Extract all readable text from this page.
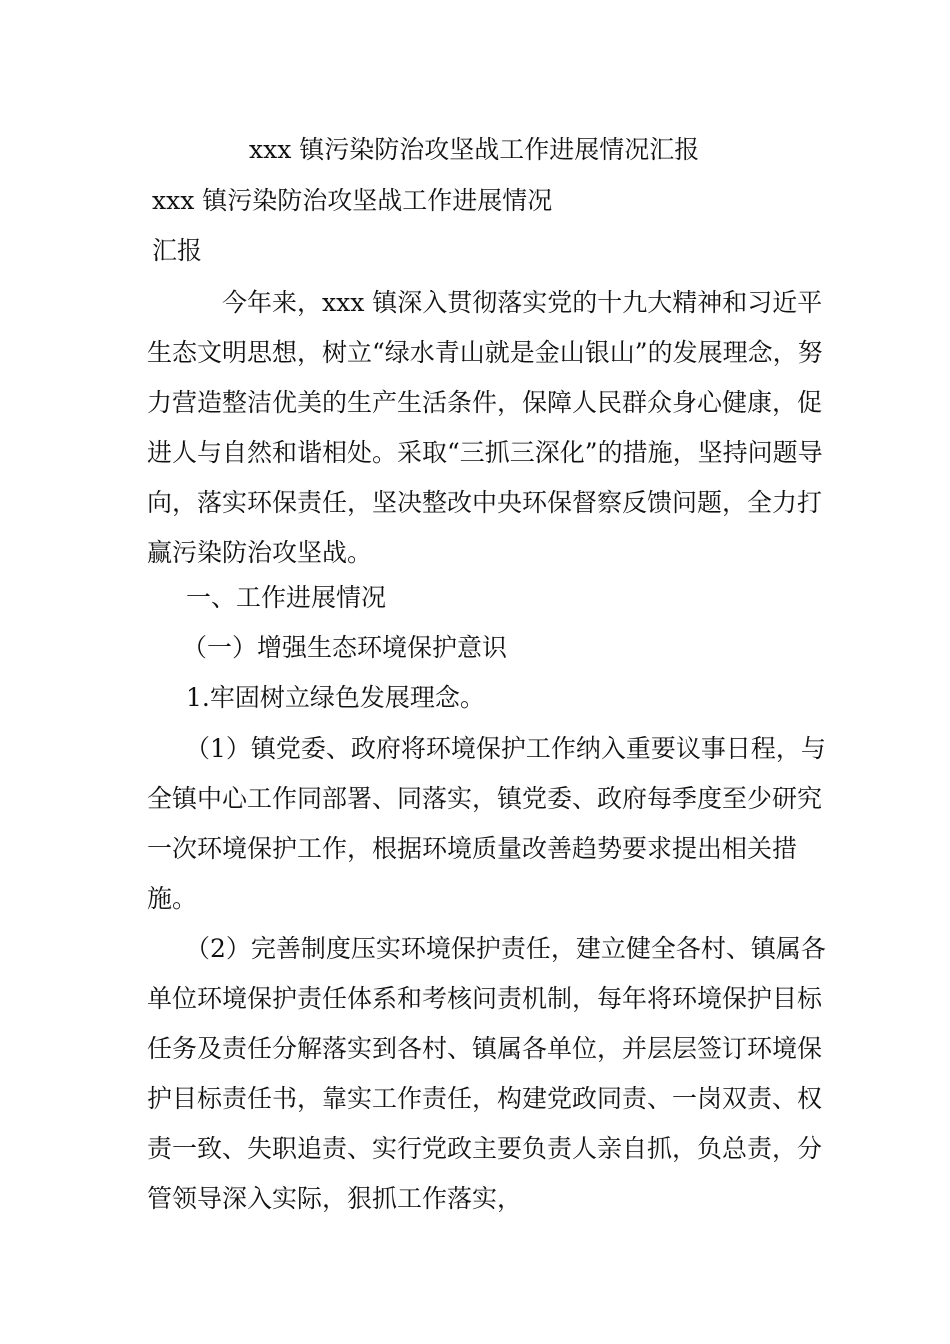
xxx 镇污染防治攻坚战工作进展情况汇报
xxx 镇污染防治攻坚战工作进展情况
汇报
今年来，xxx 镇深入贯彻落实党的十九大精神和习近平生态文明思想，树立“绿水青山就是金山银山”的发展理念，努力营造整洁优美的生产生活条件，保障人民群众身心健康，促进人与自然和谐相处。采取“三抓三深化”的措施，坚持问题导向，落实环保责任，坚决整改中央环保督察反馈问题，全力打赢污染防治攻坚战。
一、工作进展情况
（一）增强生态环境保护意识
1.牢固树立绿色发展理念。
（1）镇党委、政府将环境保护工作纳入重要议事日程，与全镇中心工作同部署、同落实，镇党委、政府每季度至少研究一次环境保护工作，根据环境质量改善趋势要求提出相关措施。
（2）完善制度压实环境保护责任，建立健全各村、镇属各单位环境保护责任体系和考核问责机制，每年将环境保护目标任务及责任分解落实到各村、镇属各单位，并层层签订环境保护目标责任书，靠实工作责任，构建党政同责、一岗双责、权责一致、失职追责、实行党政主要负责人亲自抓，负总责，分管领导深入实际，狠抓工作落实，
